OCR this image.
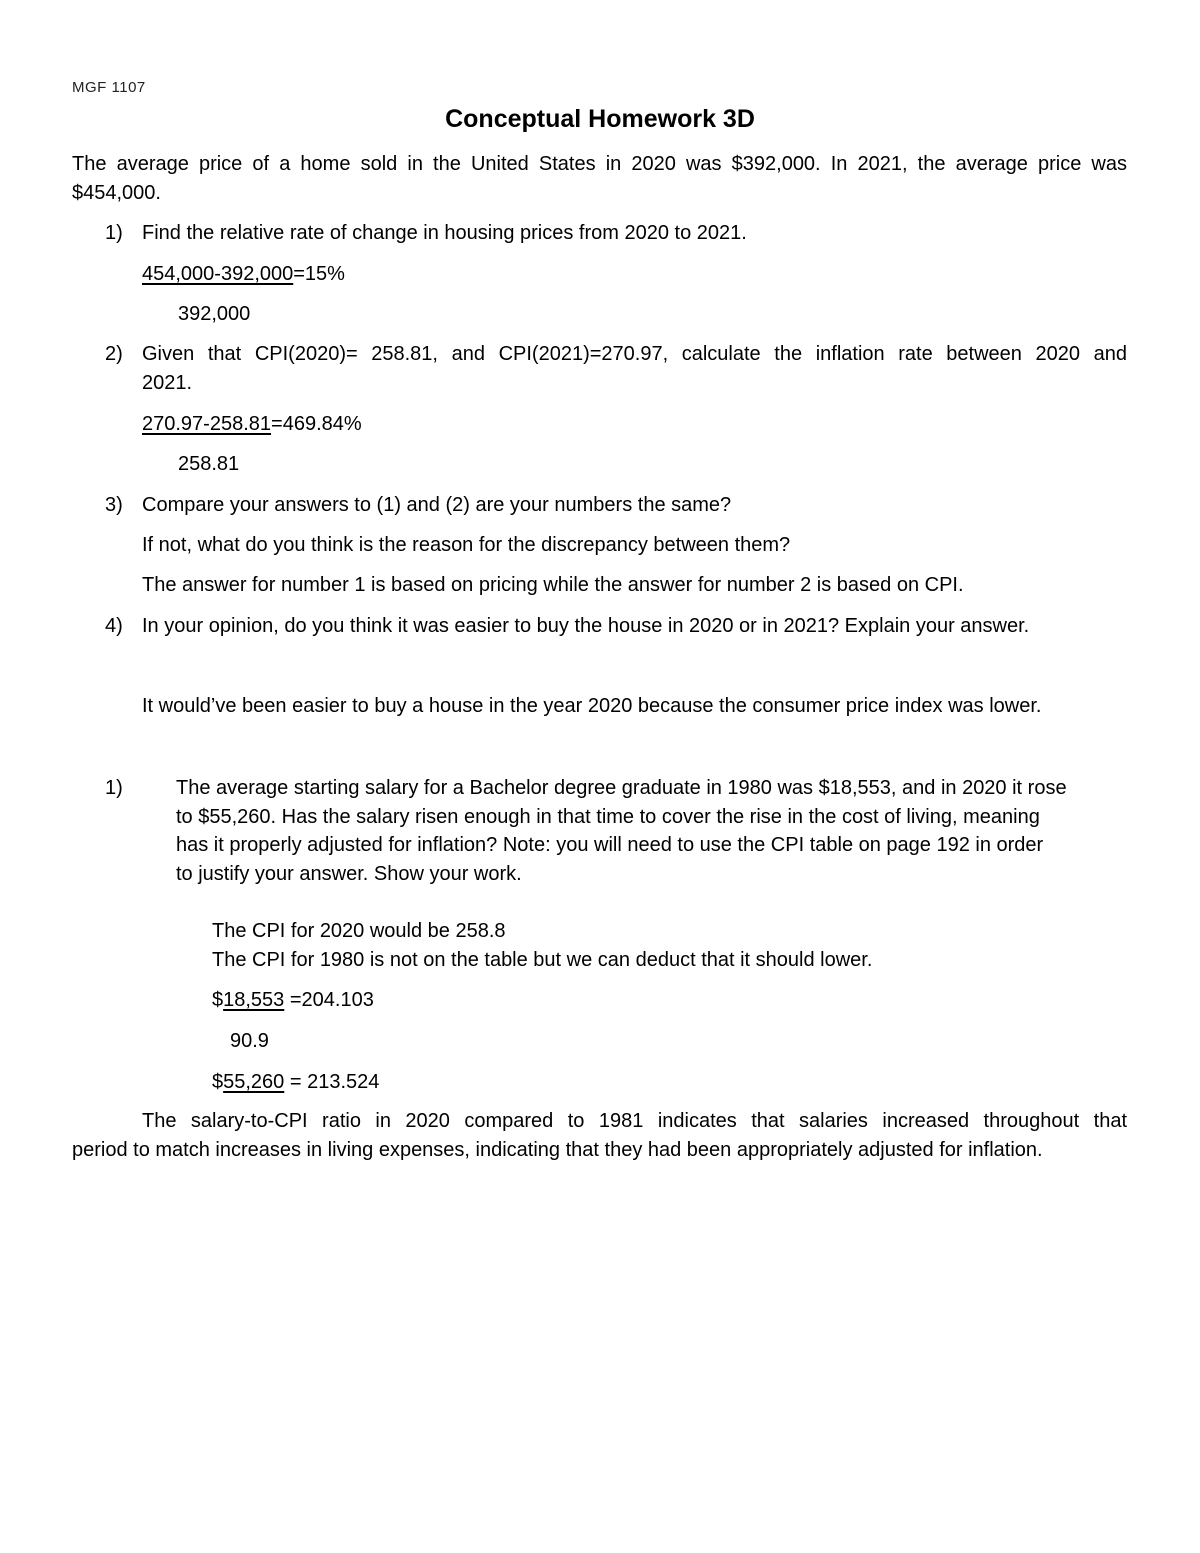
MGF 1107
Conceptual Homework 3D
The average price of a home sold in the United States in 2020 was $392,000. In 2021, the average price was
$454,000.
1) Find the relative rate of change in housing prices from 2020 to 2021.
454,000-392,000=15%
392,000
2) Given that CPI(2020)= 258.81, and CPI(2021)=270.97, calculate the inflation rate between 2020 and
2021.
270.97-258.81=469.84%
258.81
3) Compare your answers to (1) and (2) are your numbers the same?
If not, what do you think is the reason for the discrepancy between them?
The answer for number 1 is based on pricing while the answer for number 2 is based on CPI.
4) In your opinion, do you think it was easier to buy the house in 2020 or in 2021? Explain your answer.
It would’ve been easier to buy a house in the year 2020 because the consumer price index was lower.
1)	The average starting salary for a Bachelor degree graduate in 1980 was $18,553, and in 2020 it rose
to $55,260. Has the salary risen enough in that time to cover the rise in the cost of living, meaning
has it properly adjusted for inflation? Note: you will need to use the CPI table on page 192 in order
to justify your answer. Show your work.
The CPI for 2020 would be 258.8
The CPI for 1980 is not on the table but we can deduct that it should lower.
$18,553 =204.103
90.9
$55,260 = 213.524
The salary-to-CPI ratio in 2020 compared to 1981 indicates that salaries increased throughout that
period to match increases in living expenses, indicating that they had been appropriately adjusted for inflation.
